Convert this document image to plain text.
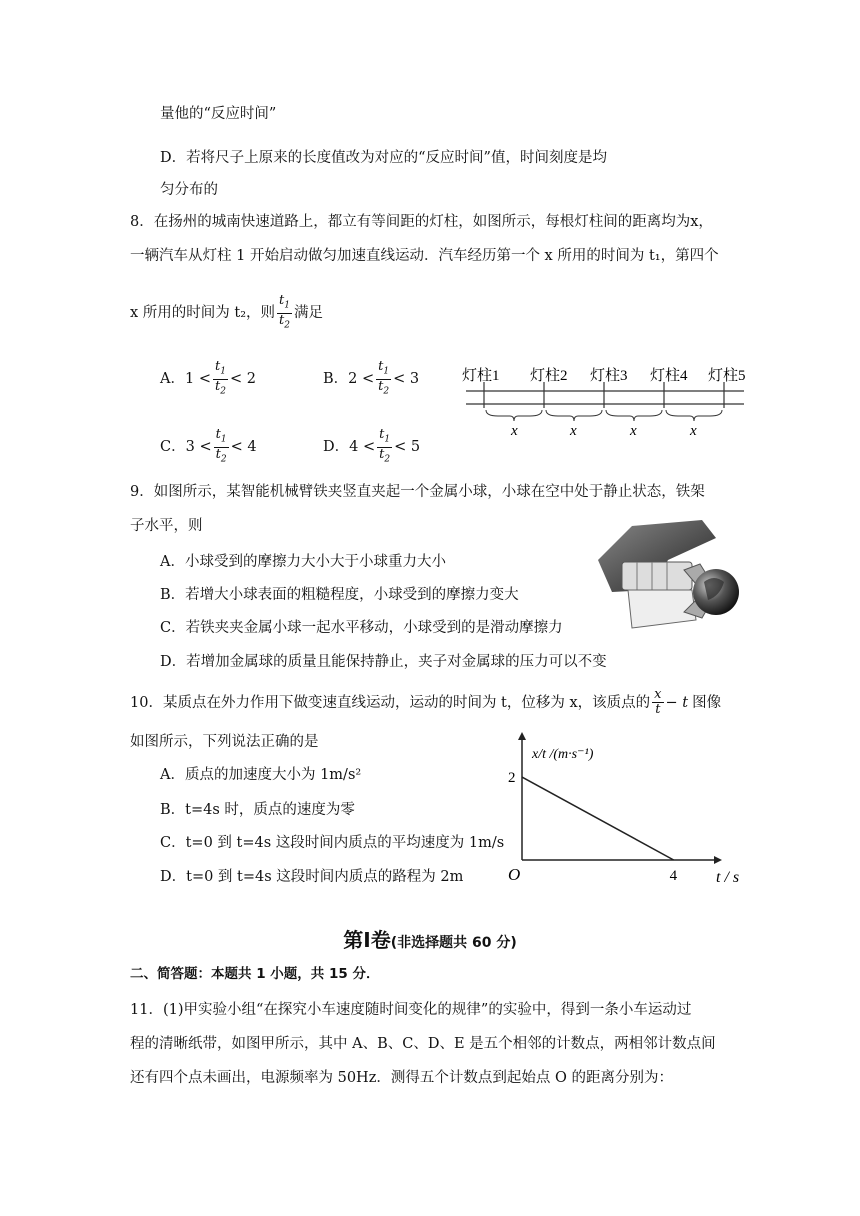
量他的“反应时间”
D．若将尺子上原来的长度值改为对应的“反应时间”值，时间刻度是均
匀分布的
8．在扬州的城南快速道路上，都立有等间距的灯柱，如图所示，每根灯柱间的距离均为x，
一辆汽车从灯柱 1 开始启动做匀加速直线运动．汽车经历第一个 x 所用的时间为 t₁，第四个
x 所用的时间为 t₂，则 $\frac{t_1}{t_2}$ 满足
A． $1 < \frac{t_1}{t_2} < 2$	B． $2 < \frac{t_1}{t_2} < 3$
C． $3 < \frac{t_1}{t_2} < 4$	D． $4 < \frac{t_1}{t_2} < 5$
灯柱1 灯柱2 灯柱3 灯柱4 灯柱5
x	x	x	x
9．如图所示，某智能机械臂铁夹竖直夹起一个金属小球，小球在空中处于静止状态，铁架
子水平，则
A．小球受到的摩擦力大小大于小球重力大小
B．若增大小球表面的粗糙程度，小球受到的摩擦力变大
C．若铁夹夹金属小球一起水平移动，小球受到的是滑动摩擦力
D．若增加金属球的质量且能保持静止，夹子对金属球的压力可以不变
10．某质点在外力作用下做变速直线运动，运动的时间为 t，位移为 x，该质点的 $\frac{x}{t} - t$ 图像
如图所示，下列说法正确的是
A．质点的加速度大小为 1m/s²
B．t=4s 时，质点的速度为零
C．t=0 到 t=4s 这段时间内质点的平均速度为 1m/s
D．t=0 到 t=4s 这段时间内质点的路程为 2m
x/t /(m·s⁻¹)
t / s
O
2
4
第Ⅰ卷(非选择题共 60 分)
二、简答题：本题共 1 小题，共 15 分．
11．(1)甲实验小组“在探究小车速度随时间变化的规律”的实验中，得到一条小车运动过
程的清晰纸带，如图甲所示，其中 A、B、C、D、E 是五个相邻的计数点，两相邻计数点间
还有四个点未画出，电源频率为 50Hz．测得五个计数点到起始点 O 的距离分别为：
